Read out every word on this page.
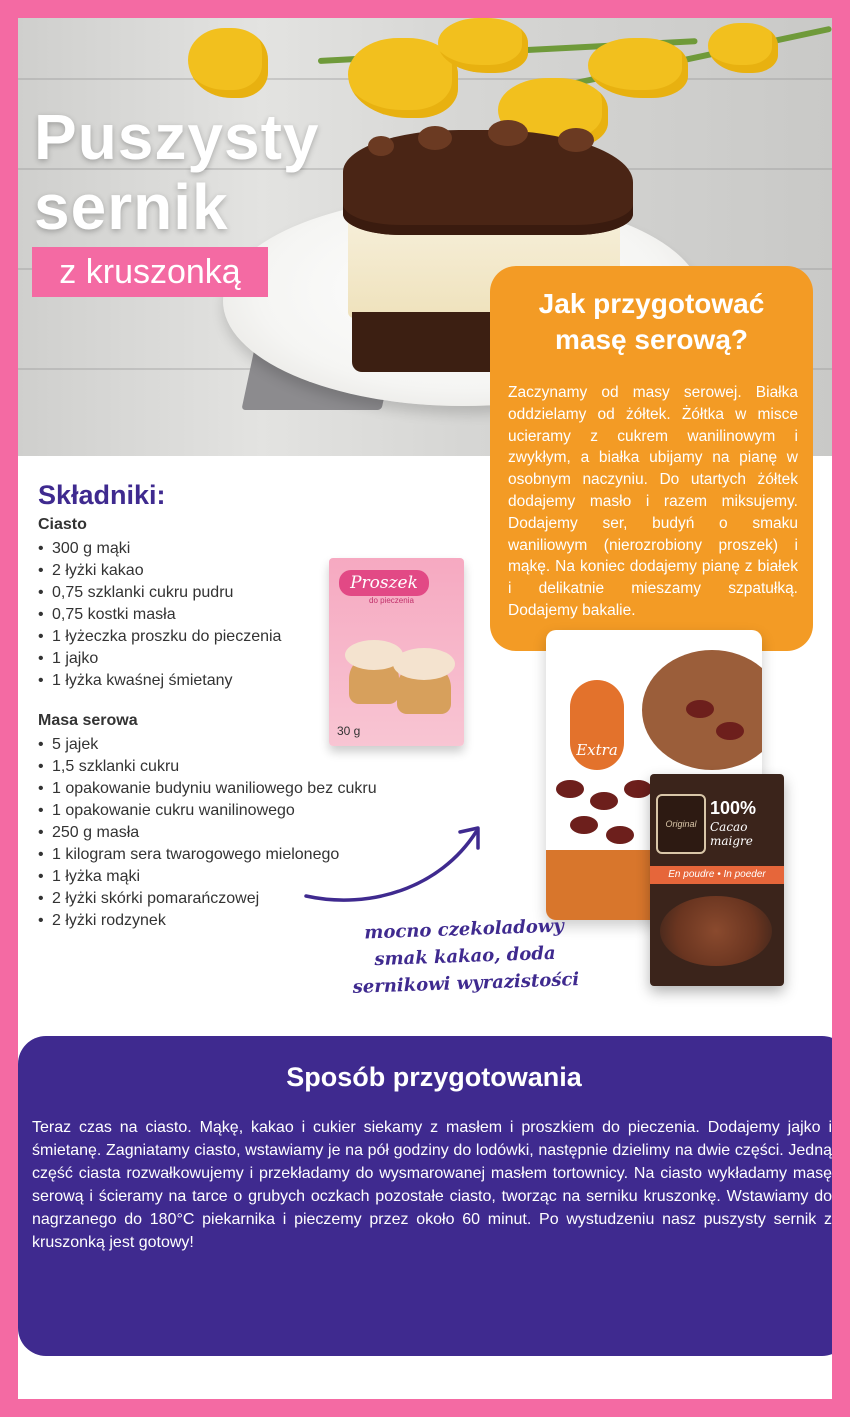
Puszysty
sernik
z kruszonką
Jak przygotować
masę serową?
Zaczynamy od masy serowej. Białka oddzielamy od żółtek. Żółtka w misce ucieramy z cukrem wanilinowym i zwykłym, a białka ubijamy na pianę w osobnym naczyniu. Do utartych żółtek dodajemy masło i razem miksujemy. Dodajemy ser, budyń o smaku waniliowym (nierozrobiony proszek) i mąkę. Na koniec dodajemy pianę z białek i delikatnie mieszamy szpatułką. Dodajemy bakalie.
Składniki:
Ciasto
• 300 g mąki
• 2 łyżki kakao
• 0,75 szklanki cukru pudru
• 0,75 kostki masła
• 1 łyżeczka proszku do pieczenia
• 1 jajko
• 1 łyżka kwaśnej śmietany
Masa serowa
• 5 jajek
• 1,5 szklanki cukru
• 1 opakowanie budyniu waniliowego bez cukru
• 1 opakowanie cukru wanilinowego
• 250 g masła
• 1 kilogram sera twarogowego mielonego
• 1 łyżka mąki
• 2 łyżki skórki pomarańczowej
• 2 łyżki rodzynek
Proszek
do pieczenia
30 g
Extra
Original
100%
Cacao maigre
En poudre • In poeder
mocno czekoladowy
smak kakao, doda
sernikowi wyrazistości
Sposób przygotowania
Teraz czas na ciasto. Mąkę, kakao i cukier siekamy z masłem i proszkiem do pieczenia. Dodajemy jajko i śmietanę. Zagniatamy ciasto, wstawiamy je na pół godziny do lodówki, następnie dzielimy na dwie części. Jedną część ciasta rozwałkowujemy i przekładamy do wysmarowanej masłem tortownicy. Na ciasto wykładamy masę serową i ścieramy na tarce o grubych oczkach pozostałe ciasto, tworząc na serniku kruszonkę. Wstawiamy do nagrzanego do 180°C piekarnika i pieczemy przez około 60 minut. Po wystudzeniu nasz puszysty sernik z kruszonką jest gotowy!
